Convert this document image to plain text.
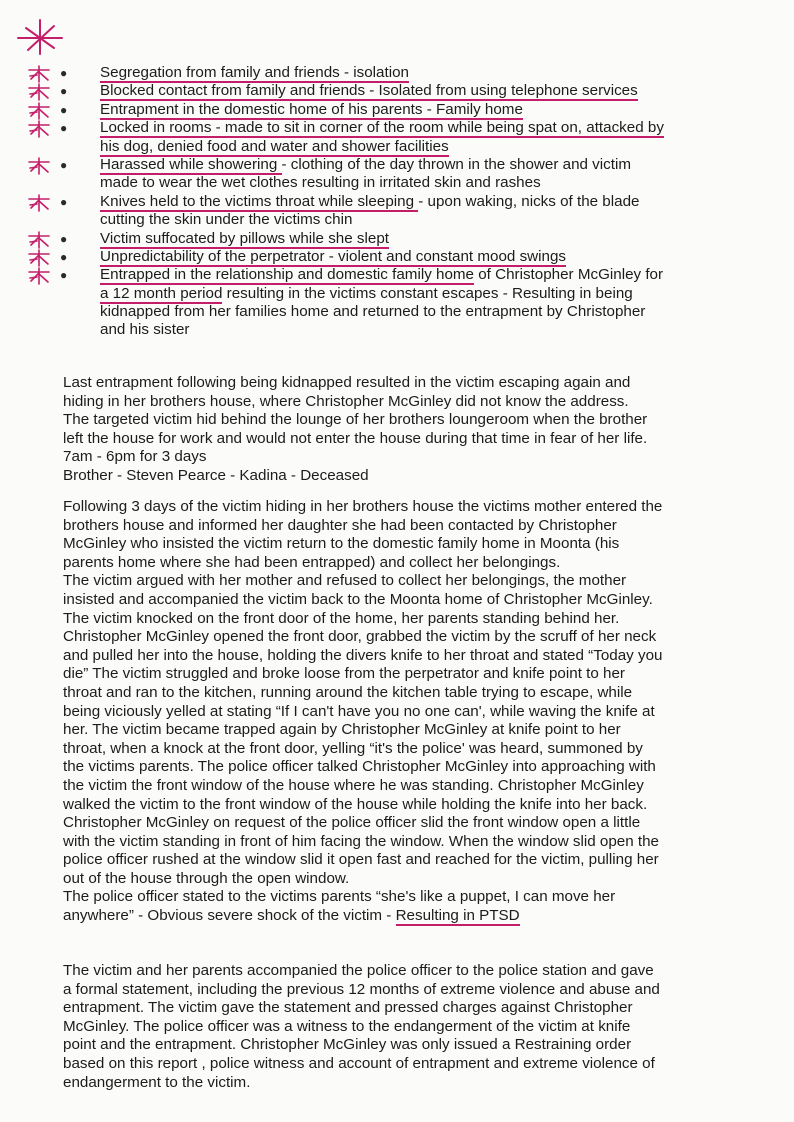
● Segregation from family and friends - isolation
● Blocked contact from family and friends - Isolated from using telephone services
● Entrapment in the domestic home of his parents - Family home
● Locked in rooms - made to sit in corner of the room while being spat on, attacked by
his dog, denied food and water and shower facilities
● Harassed while showering - clothing of the day thrown in the shower and victim
made to wear the wet clothes resulting in irritated skin and rashes
● Knives held to the victims throat while sleeping - upon waking, nicks of the blade
cutting the skin under the victims chin
● Victim suffocated by pillows while she slept
● Unpredictability of the perpetrator - violent and constant mood swings
● Entrapped in the relationship and domestic family home of Christopher McGinley for
a 12 month period resulting in the victims constant escapes - Resulting in being
kidnapped from her families home and returned to the entrapment by Christopher
and his sister
Last entrapment following being kidnapped resulted in the victim escaping again and
hiding in her brothers house, where Christopher McGinley did not know the address.
The targeted victim hid behind the lounge of her brothers loungeroom when the brother
left the house for work and would not enter the house during that time in fear of her life.
7am - 6pm for 3 days
Brother - Steven Pearce - Kadina - Deceased
Following 3 days of the victim hiding in her brothers house the victims mother entered the
brothers house and informed her daughter she had been contacted by Christopher
McGinley who insisted the victim return to the domestic family home in Moonta (his
parents home where she had been entrapped) and collect her belongings.
The victim argued with her mother and refused to collect her belongings, the mother
insisted and accompanied the victim back to the Moonta home of Christopher McGinley.
The victim knocked on the front door of the home, her parents standing behind her.
Christopher McGinley opened the front door, grabbed the victim by the scruff of her neck
and pulled her into the house, holding the divers knife to her throat and stated “Today you
die” The victim struggled and broke loose from the perpetrator and knife point to her
throat and ran to the kitchen, running around the kitchen table trying to escape, while
being viciously yelled at stating “If I can't have you no one can', while waving the knife at
her. The victim became trapped again by Christopher McGinley at knife point to her
throat, when a knock at the front door, yelling “it's the police' was heard, summoned by
the victims parents. The police officer talked Christopher McGinley into approaching with
the victim the front window of the house where he was standing. Christopher McGinley
walked the victim to the front window of the house while holding the knife into her back.
Christopher McGinley on request of the police officer slid the front window open a little
with the victim standing in front of him facing the window. When the window slid open the
police officer rushed at the window slid it open fast and reached for the victim, pulling her
out of the house through the open window.
The police officer stated to the victims parents “she's like a puppet, I can move her
anywhere” - Obvious severe shock of the victim - Resulting in PTSD
The victim and her parents accompanied the police officer to the police station and gave
a formal statement, including the previous 12 months of extreme violence and abuse and
entrapment. The victim gave the statement and pressed charges against Christopher
McGinley. The police officer was a witness to the endangerment of the victim at knife
point and the entrapment. Christopher McGinley was only issued a Restraining order
based on this report , police witness and account of entrapment and extreme violence of
endangerment to the victim.
